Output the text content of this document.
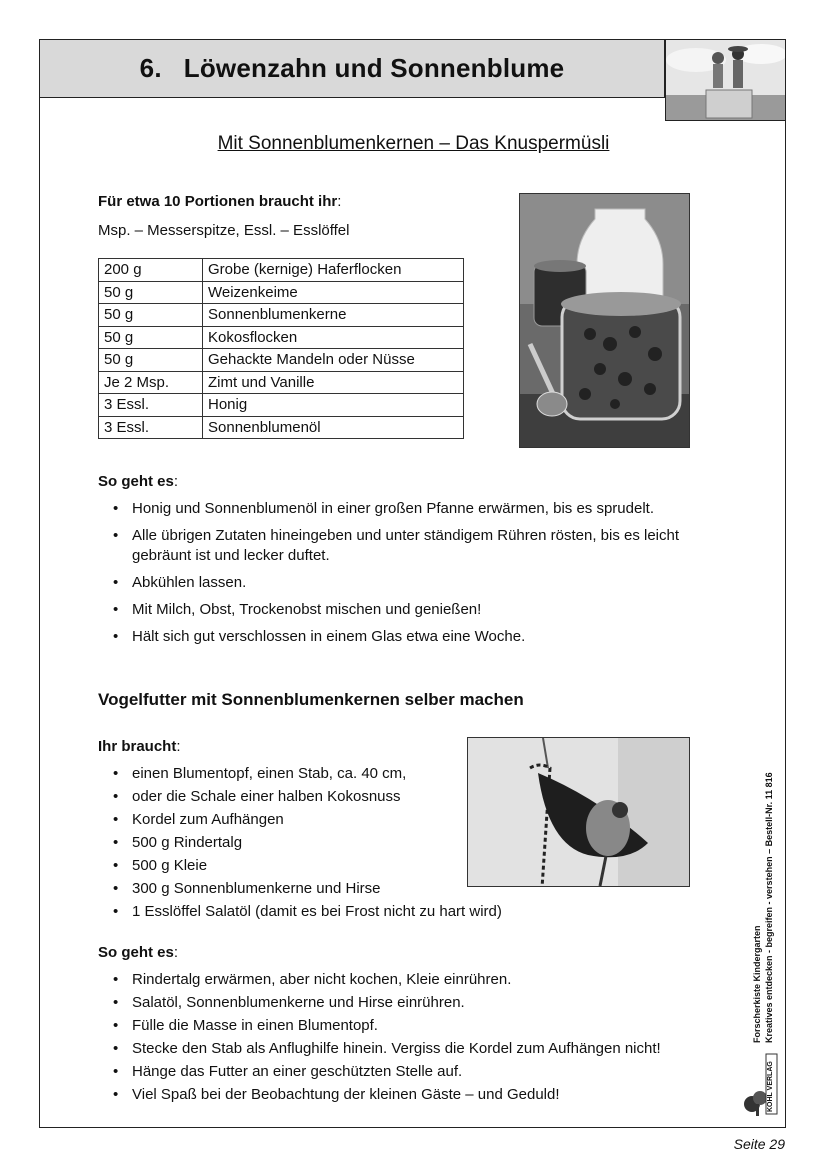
6. Löwenzahn und Sonnenblume
Mit Sonnenblumenkernen – Das Knuspermüsli
Für etwa 10 Portionen braucht ihr:
Msp. – Messerspitze, Essl. – Esslöffel
200 g	Grobe (kernige) Haferflocken
50 g	Weizenkeime
50 g	Sonnenblumenkerne
50 g	Kokosflocken
50 g	Gehackte Mandeln oder Nüsse
Je 2 Msp.	Zimt und Vanille
3 Essl.	Honig
3 Essl.	Sonnenblumenöl
So geht es:
• Honig und Sonnenblumenöl in einer großen Pfanne erwärmen, bis es sprudelt.
• Alle übrigen Zutaten hineingeben und unter ständigem Rühren rösten, bis es leicht
gebräunt ist und lecker duftet.
• Abkühlen lassen.
• Mit Milch, Obst, Trockenobst mischen und genießen!
• Hält sich gut verschlossen in einem Glas etwa eine Woche.
Vogelfutter mit Sonnenblumenkernen selber machen
Ihr braucht:
• einen Blumentopf, einen Stab, ca. 40 cm,
• oder die Schale einer halben Kokosnuss
• Kordel zum Aufhängen
• 500 g Rindertalg
• 500 g Kleie
• 300 g Sonnenblumenkerne und Hirse
• 1 Esslöffel Salatöl (damit es bei Frost nicht zu hart wird)
So geht es:
• Rindertalg erwärmen, aber nicht kochen, Kleie einrühren.
• Salatöl, Sonnenblumenkerne und Hirse einrühren.
• Fülle die Masse in einen Blumentopf.
• Stecke den Stab als Anflughilfe hinein. Vergiss die Kordel zum Aufhängen nicht!
• Hänge das Futter an einer geschützten Stelle auf.
• Viel Spaß bei der Beobachtung der kleinen Gäste – und Geduld!
Forscherkiste Kindergarten Kreatives entdecken - begreifen - verstehen – Bestell-Nr. 11 816
KOHL VERLAG
Seite 29
